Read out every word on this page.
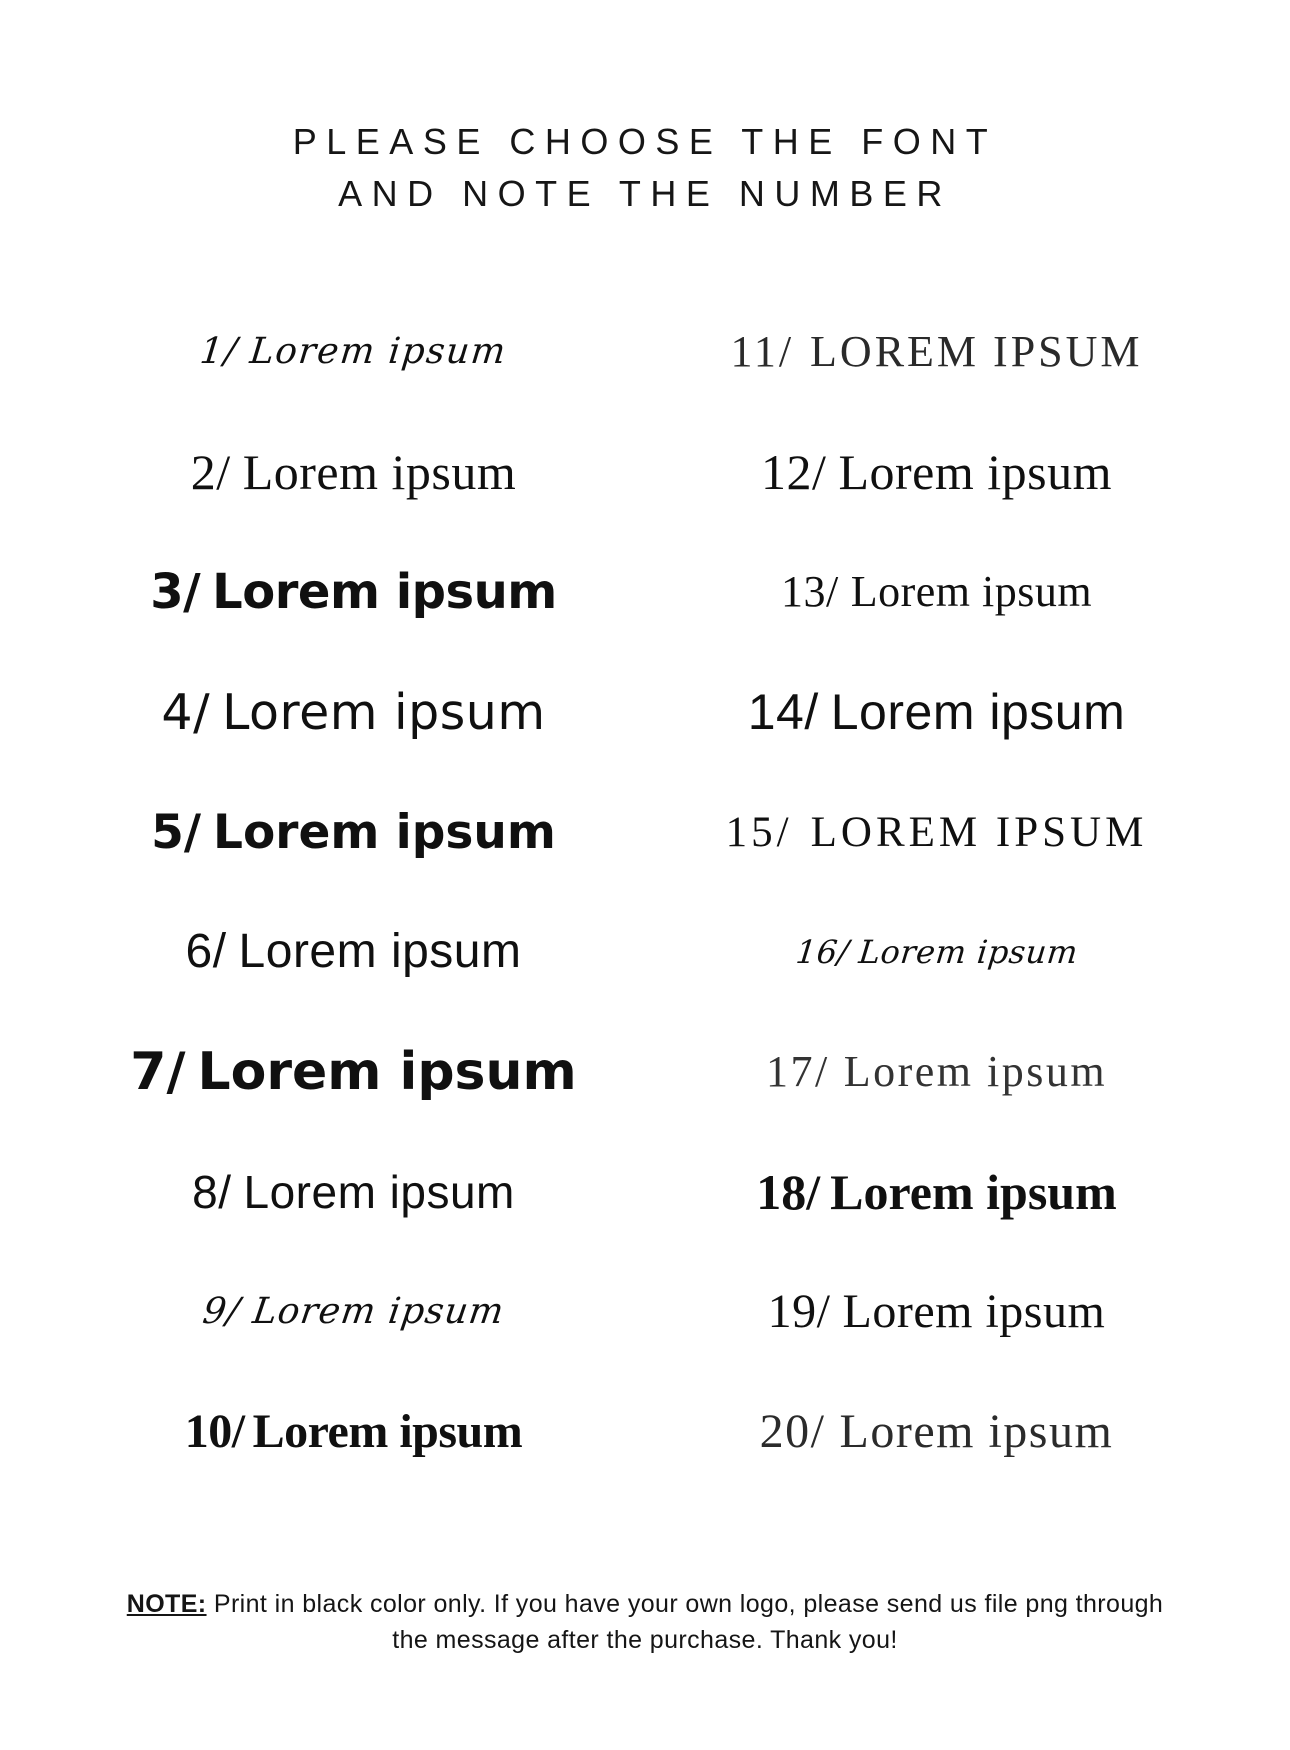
PLEASE CHOOSE THE FONT
AND NOTE THE NUMBER
1/ Lorem ipsum
2/ Lorem ipsum
3/ Lorem ipsum
4/ Lorem ipsum
5/ Lorem ipsum
6/ Lorem ipsum
7/ Lorem ipsum
8/ Lorem ipsum
9/ Lorem ipsum
10/ Lorem ipsum
11/ LOREM IPSUM
12/ Lorem ipsum
13/ Lorem ipsum
14/ Lorem ipsum
15/ LOREM IPSUM
16/ Lorem ipsum
17/ Lorem ipsum
18/ Lorem ipsum
19/ Lorem ipsum
20/ Lorem ipsum
NOTE: Print in black color only. If you have your own logo, please send us file png through the message after the purchase. Thank you!
